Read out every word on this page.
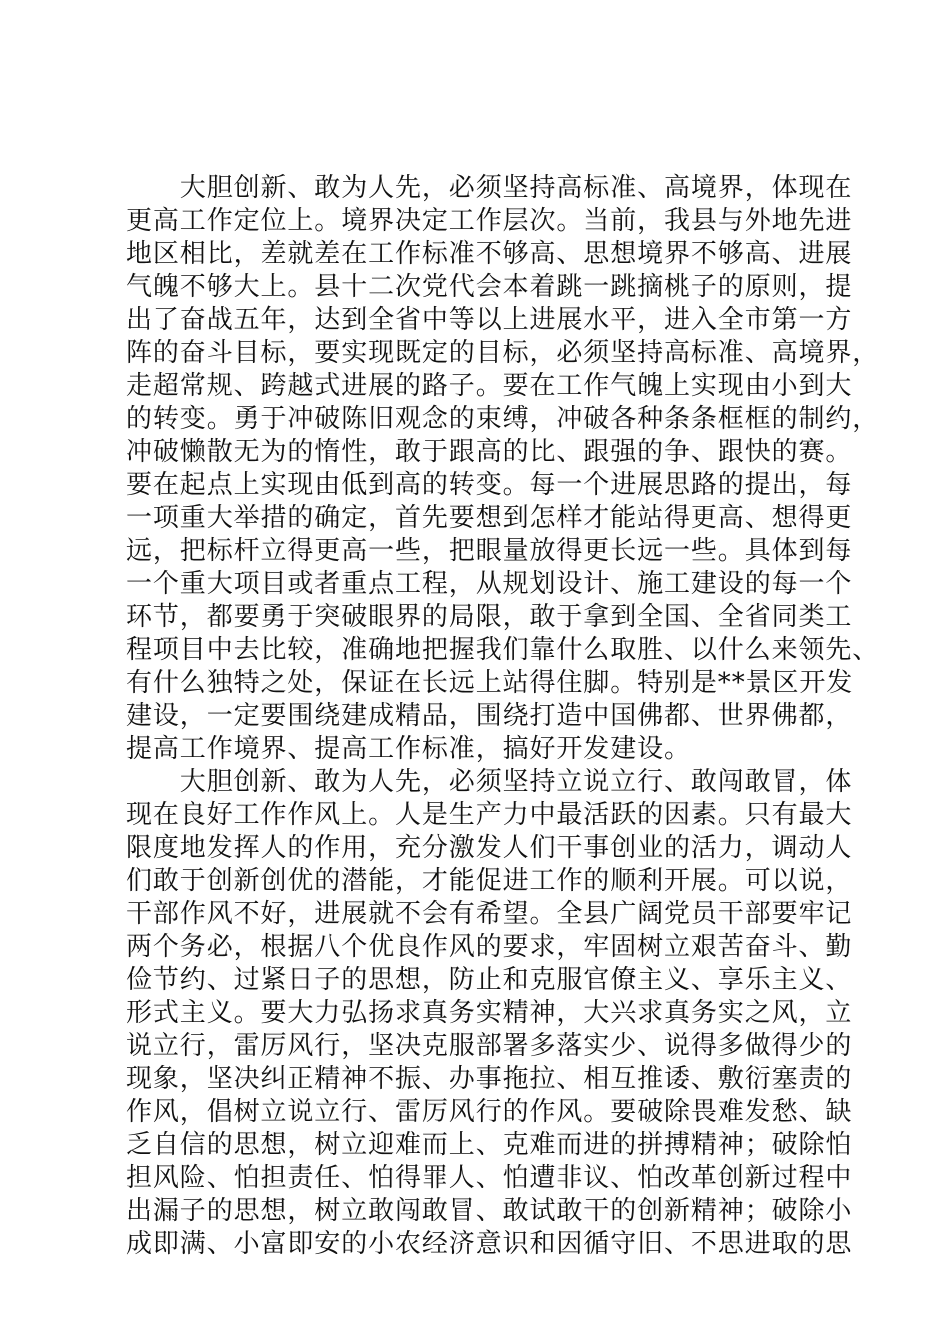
　　大胆创新、敢为人先，必须坚持高标准、高境界，体现在
更高工作定位上。境界决定工作层次。当前，我县与外地先进
地区相比，差就差在工作标准不够高、思想境界不够高、进展
气魄不够大上。县十二次党代会本着跳一跳摘桃子的原则，提
出了奋战五年，达到全省中等以上进展水平，进入全市第一方
阵的奋斗目标，要实现既定的目标，必须坚持高标准、高境界，
走超常规、跨越式进展的路子。要在工作气魄上实现由小到大
的转变。勇于冲破陈旧观念的束缚，冲破各种条条框框的制约，
冲破懒散无为的惰性，敢于跟高的比、跟强的争、跟快的赛。
要在起点上实现由低到高的转变。每一个进展思路的提出，每
一项重大举措的确定，首先要想到怎样才能站得更高、想得更
远，把标杆立得更高一些，把眼量放得更长远一些。具体到每
一个重大项目或者重点工程，从规划设计、施工建设的每一个
环节，都要勇于突破眼界的局限，敢于拿到全国、全省同类工
程项目中去比较，准确地把握我们靠什么取胜、以什么来领先、
有什么独特之处，保证在长远上站得住脚。特别是**景区开发
建设，一定要围绕建成精品，围绕打造中国佛都、世界佛都，
提高工作境界、提高工作标准，搞好开发建设。
　　大胆创新、敢为人先，必须坚持立说立行、敢闯敢冒，体
现在良好工作作风上。人是生产力中最活跃的因素。只有最大
限度地发挥人的作用，充分激发人们干事创业的活力，调动人
们敢于创新创优的潜能，才能促进工作的顺利开展。可以说，
干部作风不好，进展就不会有希望。全县广阔党员干部要牢记
两个务必，根据八个优良作风的要求，牢固树立艰苦奋斗、勤
俭节约、过紧日子的思想，防止和克服官僚主义、享乐主义、
形式主义。要大力弘扬求真务实精神，大兴求真务实之风，立
说立行，雷厉风行，坚决克服部署多落实少、说得多做得少的
现象，坚决纠正精神不振、办事拖拉、相互推诿、敷衍塞责的
作风，倡树立说立行、雷厉风行的作风。要破除畏难发愁、缺
乏自信的思想，树立迎难而上、克难而进的拼搏精神；破除怕
担风险、怕担责任、怕得罪人、怕遭非议、怕改革创新过程中
出漏子的思想，树立敢闯敢冒、敢试敢干的创新精神；破除小
成即满、小富即安的小农经济意识和因循守旧、不思进取的思
